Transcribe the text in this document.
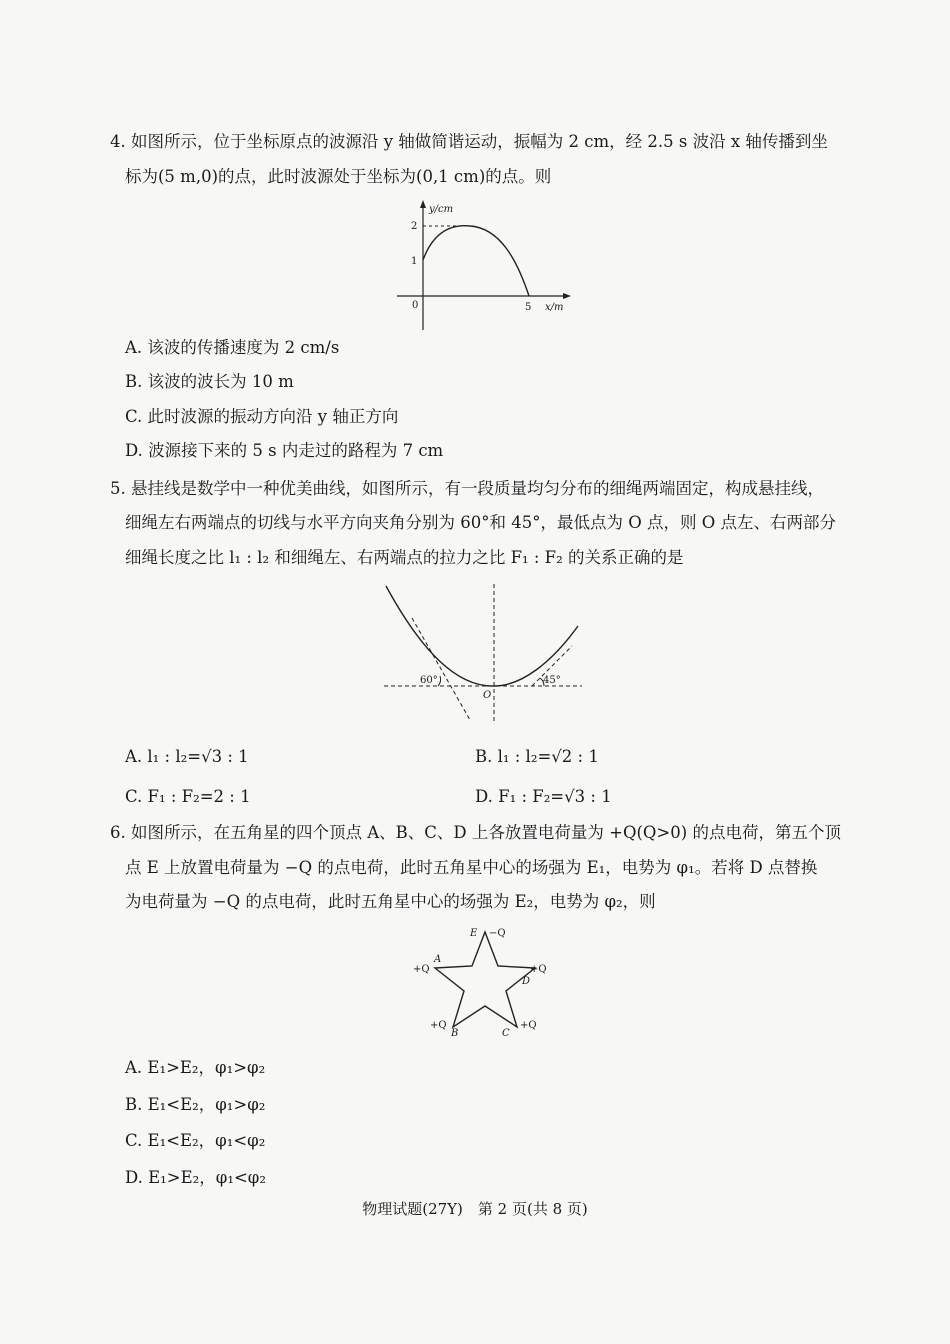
4. 如图所示，位于坐标原点的波源沿 y 轴做简谐运动，振幅为 2 cm，经 2.5 s 波沿 x 轴传播到坐
标为(5 m,0)的点，此时波源处于坐标为(0,1 cm)的点。则
y/cm
2
1
0	5 x/m
A. 该波的传播速度为 2 cm/s
B. 该波的波长为 10 m
C. 此时波源的振动方向沿 y 轴正方向
D. 波源接下来的 5 s 内走过的路程为 7 cm
5. 悬挂线是数学中一种优美曲线，如图所示，有一段质量均匀分布的细绳两端固定，构成悬挂线，
细绳左右两端点的切线与水平方向夹角分别为 60°和 45°，最低点为 O 点，则 O 点左、右两部分
细绳长度之比 l₁ : l₂ 和细绳左、右两端点的拉力之比 F₁ : F₂ 的关系正确的是
60°	45°
O
A. l₁ : l₂=√3 : 1	B. l₁ : l₂=√2 : 1
C. F₁ : F₂=2 : 1	D. F₁ : F₂=√3 : 1
6. 如图所示，在五角星的四个顶点 A、B、C、D 上各放置电荷量为 +Q(Q>0) 的点电荷，第五个顶
点 E 上放置电荷量为 −Q 的点电荷，此时五角星中心的场强为 E₁，电势为 φ₁。若将 D 点替换
为电荷量为 −Q 的点电荷，此时五角星中心的场强为 E₂，电势为 φ₂，则
E −Q
A
+Q
D
+Q
B
+Q
C
+Q
A. E₁>E₂，φ₁>φ₂
B. E₁<E₂，φ₁>φ₂
C. E₁<E₂，φ₁<φ₂
D. E₁>E₂，φ₁<φ₂
物理试题(27Y)　第 2 页(共 8 页)
